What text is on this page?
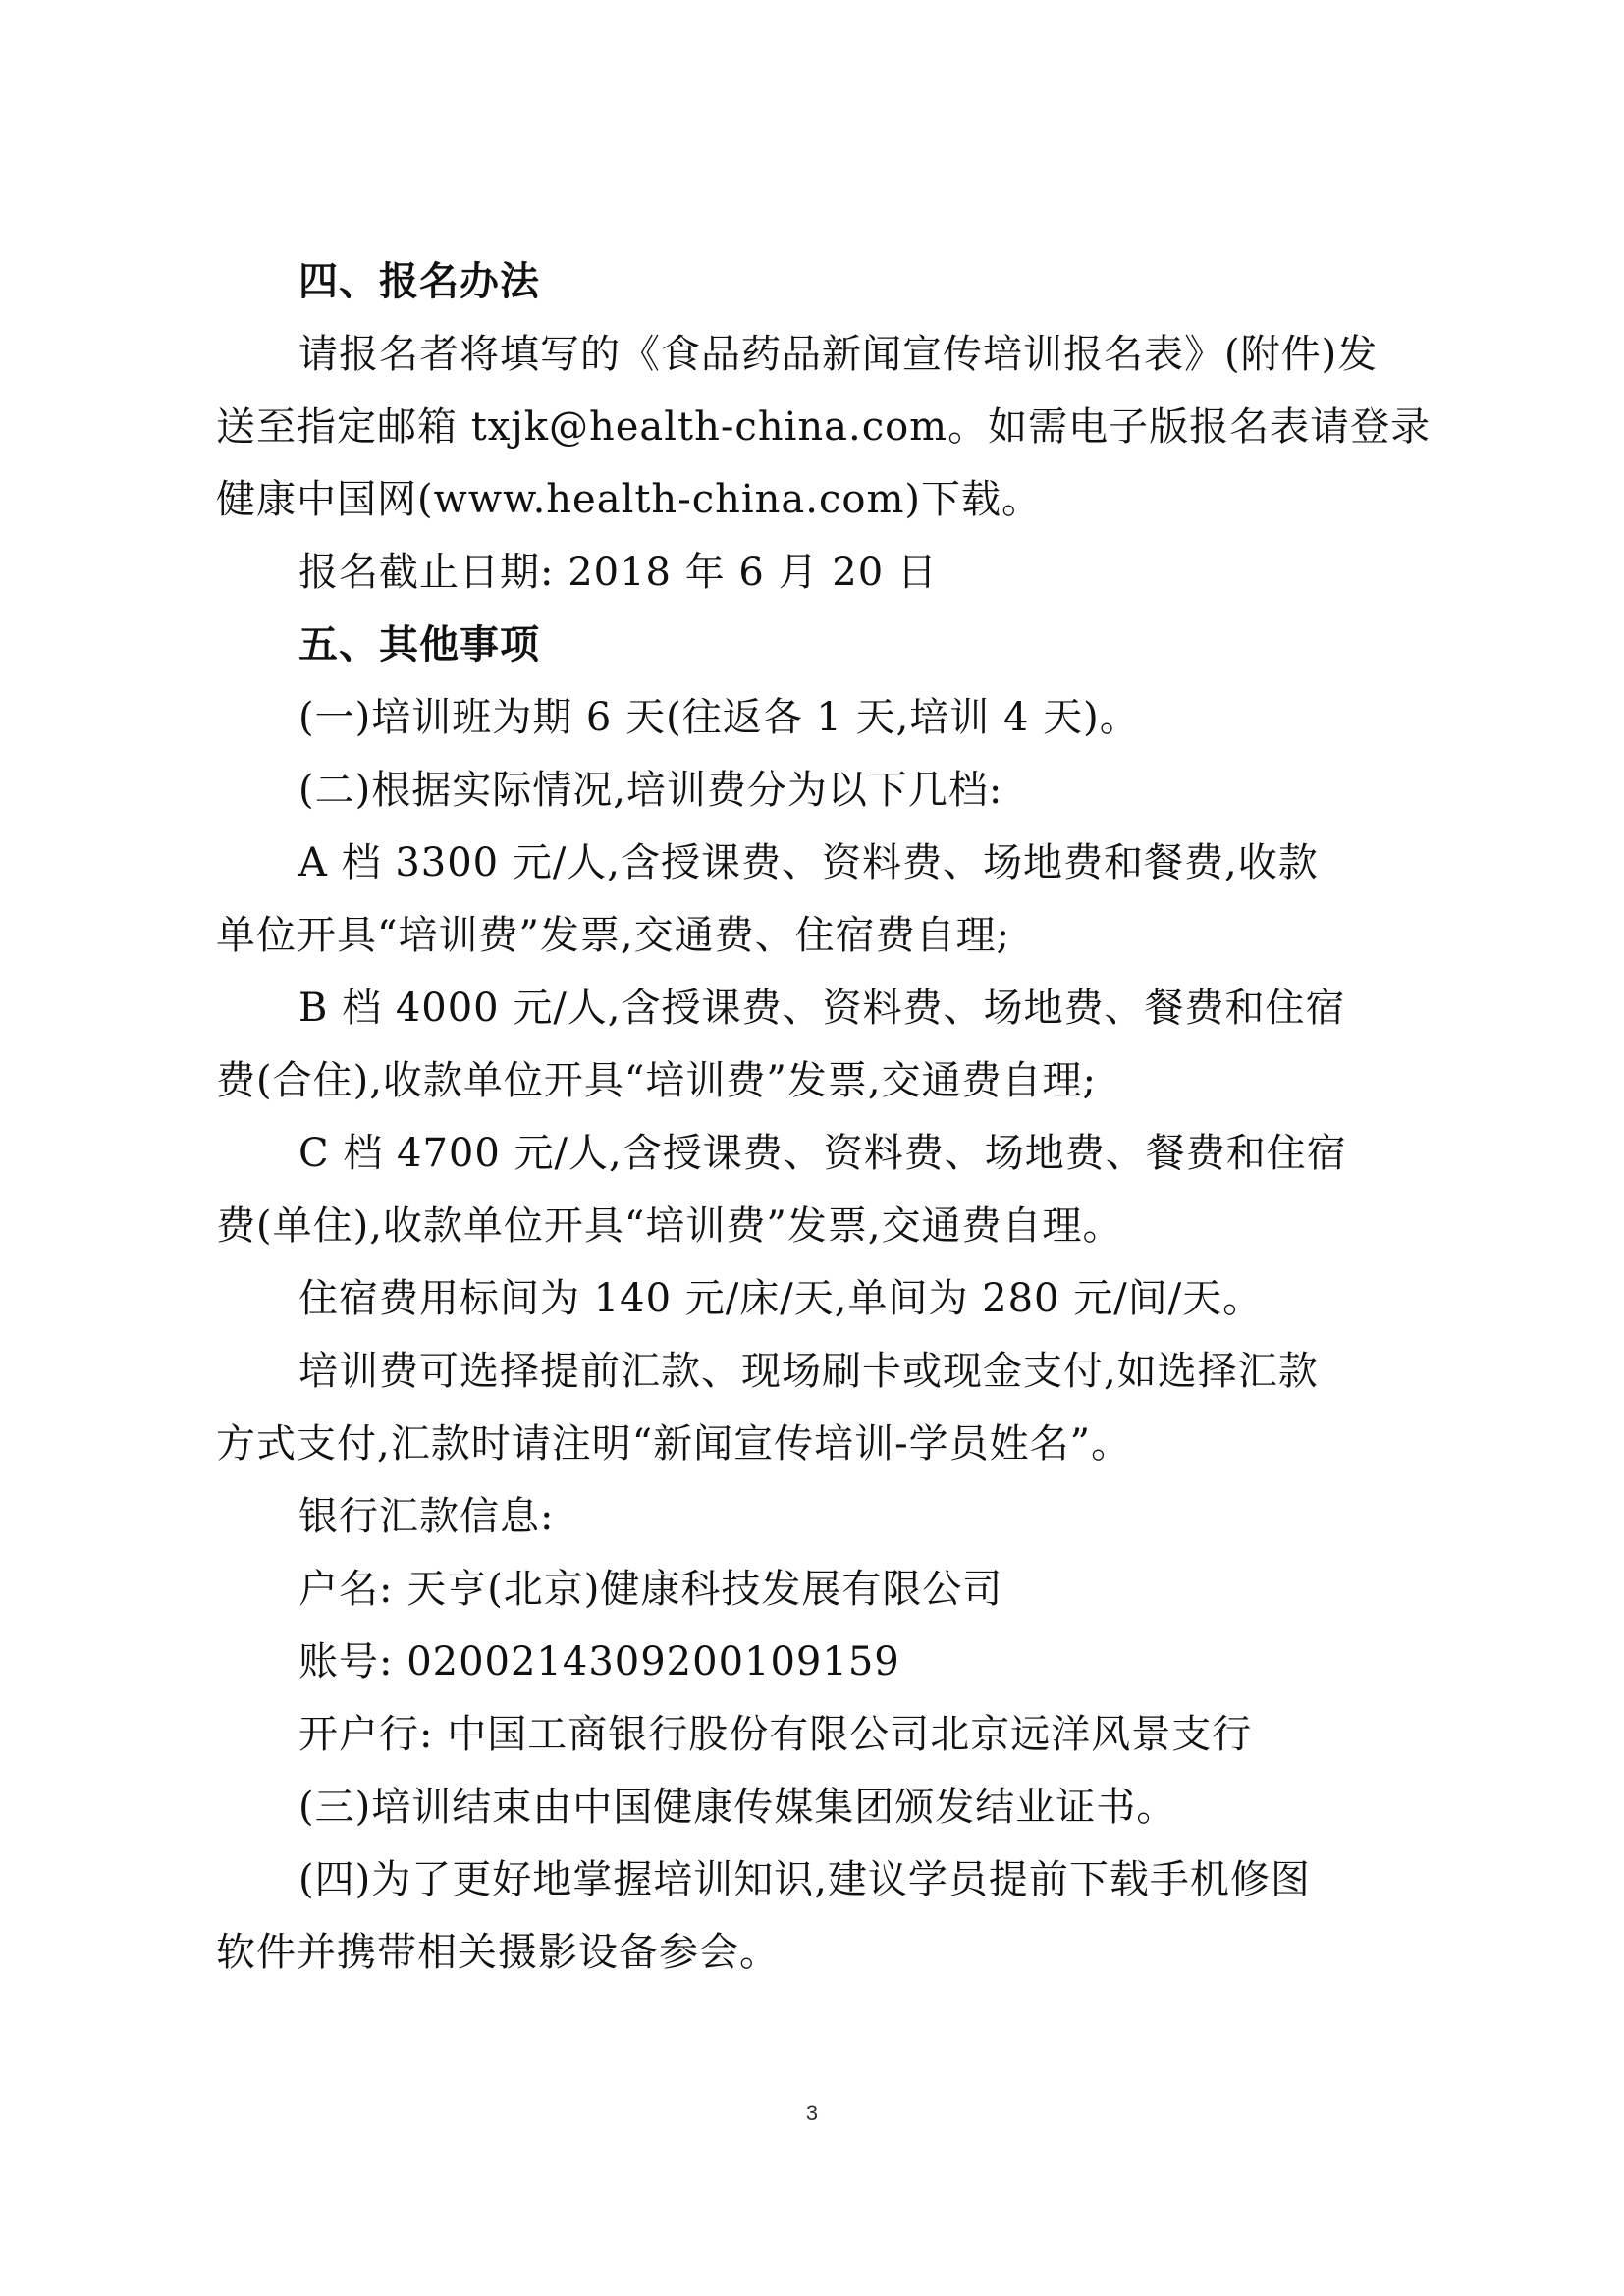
四、报名办法
请报名者将填写的《食品药品新闻宣传培训报名表》(附件)发
送至指定邮箱 txjk@health-china.com。如需电子版报名表请登录
健康中国网(www.health-china.com)下载。
报名截止日期: 2018 年 6 月 20 日
五、其他事项
(一)培训班为期 6 天(往返各 1 天,培训 4 天)。
(二)根据实际情况,培训费分为以下几档:
A 档 3300 元/人,含授课费、资料费、场地费和餐费,收款
单位开具“培训费”发票,交通费、住宿费自理;
B 档 4000 元/人,含授课费、资料费、场地费、餐费和住宿
费(合住),收款单位开具“培训费”发票,交通费自理;
C 档 4700 元/人,含授课费、资料费、场地费、餐费和住宿
费(单住),收款单位开具“培训费”发票,交通费自理。
住宿费用标间为 140 元/床/天,单间为 280 元/间/天。
培训费可选择提前汇款、现场刷卡或现金支付,如选择汇款
方式支付,汇款时请注明“新闻宣传培训-学员姓名”。
银行汇款信息:
户名: 天亨(北京)健康科技发展有限公司
账号: 0200214309200109159
开户行: 中国工商银行股份有限公司北京远洋风景支行
(三)培训结束由中国健康传媒集团颁发结业证书。
(四)为了更好地掌握培训知识,建议学员提前下载手机修图
软件并携带相关摄影设备参会。
3
